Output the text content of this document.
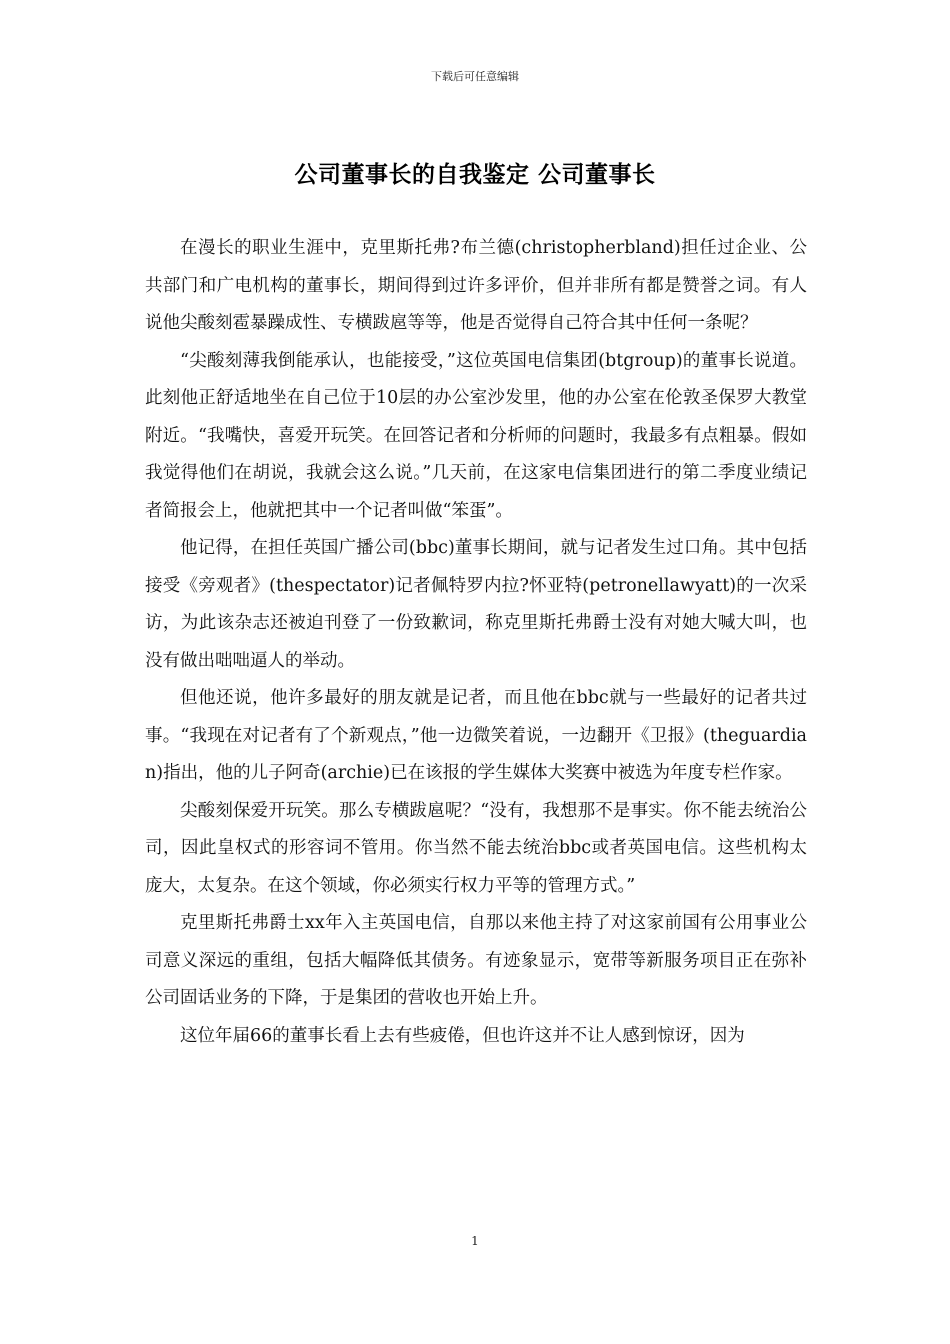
下载后可任意编辑
公司董事长的自我鉴定 公司董事长

在漫长的职业生涯中，克里斯托弗?布兰德(christopherbland)担任过企业、公共部门和广电机构的董事长，期间得到过许多评价，但并非所有都是赞誉之词。有人说他尖酸刻雹暴躁成性、专横跋扈等等，他是否觉得自己符合其中任何一条呢？

“尖酸刻薄我倒能承认，也能接受，”这位英国电信集团(btgroup)的董事长说道。此刻他正舒适地坐在自己位于10层的办公室沙发里，他的办公室在伦敦圣保罗大教堂附近。“我嘴快，喜爱开玩笑。在回答记者和分析师的问题时，我最多有点粗暴。假如我觉得他们在胡说，我就会这么说。”几天前，在这家电信集团进行的第二季度业绩记者简报会上，他就把其中一个记者叫做“笨蛋”。

他记得，在担任英国广播公司(bbc)董事长期间，就与记者发生过口角。其中包括接受《旁观者》(thespectator)记者佩特罗内拉?怀亚特(petronellawyatt)的一次采访，为此该杂志还被迫刊登了一份致歉词，称克里斯托弗爵士没有对她大喊大叫，也没有做出咄咄逼人的举动。

但他还说，他许多最好的朋友就是记者，而且他在bbc就与一些最好的记者共过事。“我现在对记者有了个新观点，”他一边微笑着说，一边翻开《卫报》(theguardian)指出，他的儿子阿奇(archie)已在该报的学生媒体大奖赛中被选为年度专栏作家。

尖酸刻保爱开玩笑。那么专横跋扈呢？“没有，我想那不是事实。你不能去统治公司，因此皇权式的形容词不管用。你当然不能去统治bbc或者英国电信。这些机构太庞大，太复杂。在这个领域，你必须实行权力平等的管理方式。”

克里斯托弗爵士xx年入主英国电信，自那以来他主持了对这家前国有公用事业公司意义深远的重组，包括大幅降低其债务。有迹象显示，宽带等新服务项目正在弥补公司固话业务的下降，于是集团的营收也开始上升。

这位年届66的董事长看上去有些疲倦，但也许这并不让人感到惊讶，因为

1
